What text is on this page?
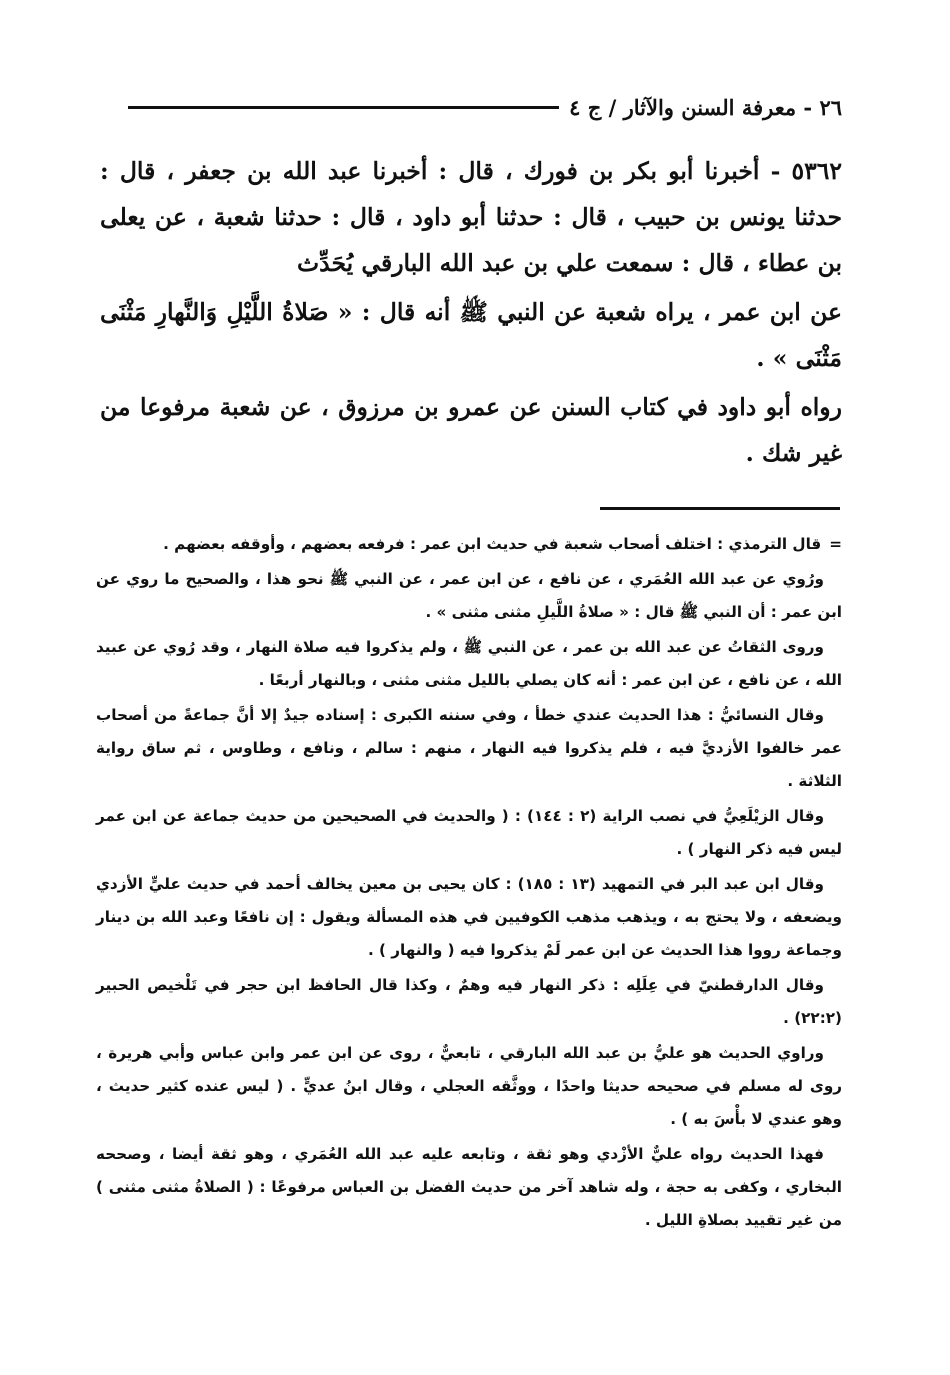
٢٦ - معرفة السنن والآثار / ج ٤

٥٣٦٢ - أخبرنا أبو بكر بن فورك ، قال : أخبرنا عبد الله بن جعفر ، قال : حدثنا يونس بن حبيب ، قال : حدثنا أبو داود ، قال : حدثنا شعبة ، عن يعلى بن عطاء ، قال : سمعت علي بن عبد الله البارقي يُحَدِّث

عن ابن عمر ، يراه شعبة عن النبي ﷺ أنه قال : « صَلاةُ اللَّيْلِ وَالنَّهارِ مَثْنَى مَثْنَى » .

رواه أبو داود في كتاب السنن عن عمرو بن مرزوق ، عن شعبة مرفوعا من غير شك .

=قال الترمذي : اختلف أصحاب شعبة في حديث ابن عمر : فرفعه بعضهم ، وأوقفه بعضهم .

ورُوي عن عبد الله العُمَري ، عن نافع ، عن ابن عمر ، عن النبي ﷺ نحو هذا ، والصحيح ما روي عن ابن عمر : أن النبي ﷺ قال : « صلاةُ اللَّيلِ مثنى مثنى » .

وروى الثقاتُ عن عبد الله بن عمر ، عن النبي ﷺ ، ولم يذكروا فيه صلاة النهار ، وقد رُوي عن عبيد الله ، عن نافع ، عن ابن عمر : أنه كان يصلي بالليل مثنى مثنى ، وبالنهار أربعًا .

وقال النسائيُّ : هذا الحديث عندي خطأ ، وفي سننه الكبرى : إسناده جيدٌ إلا أنَّ جماعةً من أصحاب عمر خالفوا الأزديَّ فيه ، فلم يذكروا فيه النهار ، منهم : سالم ، ونافع ، وطاوس ، ثم ساق رواية الثلاثة .

وقال الزيْلَعِيُّ في نصب الراية (٢ : ١٤٤) : ( والحديث في الصحيحين من حديث جماعة عن ابن عمر ليس فيه ذكر النهار ) .

وقال ابن عبد البر في التمهيد (١٣ : ١٨٥) : كان يحيى بن معين يخالف أحمد في حديث عليٍّ الأزدي ويضعفه ، ولا يحتج به ، ويذهب مذهب الكوفيين في هذه المسألة ويقول : إن نافعًا وعبد الله بن دينار وجماعة رووا هذا الحديث عن ابن عمر لَمْ يذكروا فيه ( والنهار ) .

وقال الدارقطنيّ في عِلَلِه : ذكر النهار فيه وهمٌ ، وكذا قال الحافظ ابن حجر في تَلْخيص الحبير (٢٢:٢) .

وراوي الحديث هو عليُّ بن عبد الله البارقي ، تابعيٌّ ، روى عن ابن عمر وابن عباس وأبي هريرة ، روى له مسلم في صحيحه حديثا واحدًا ، ووثَّقه العجلي ، وقال ابنُ عديٍّ . ( ليس عنده كثير حديث ، وهو عندي لا بأْسَ به ) .

فهذا الحديث رواه عليٌّ الأزْدي وهو ثقة ، وتابعه عليه عبد الله العُمَري ، وهو ثقة أيضا ، وصححه البخاري ، وكفى به حجة ، وله شاهد آخر من حديث الفضل بن العباس مرفوعًا : ( الصلاةُ مثنى مثنى ) من غير تقييد بصلاةِ الليل .
